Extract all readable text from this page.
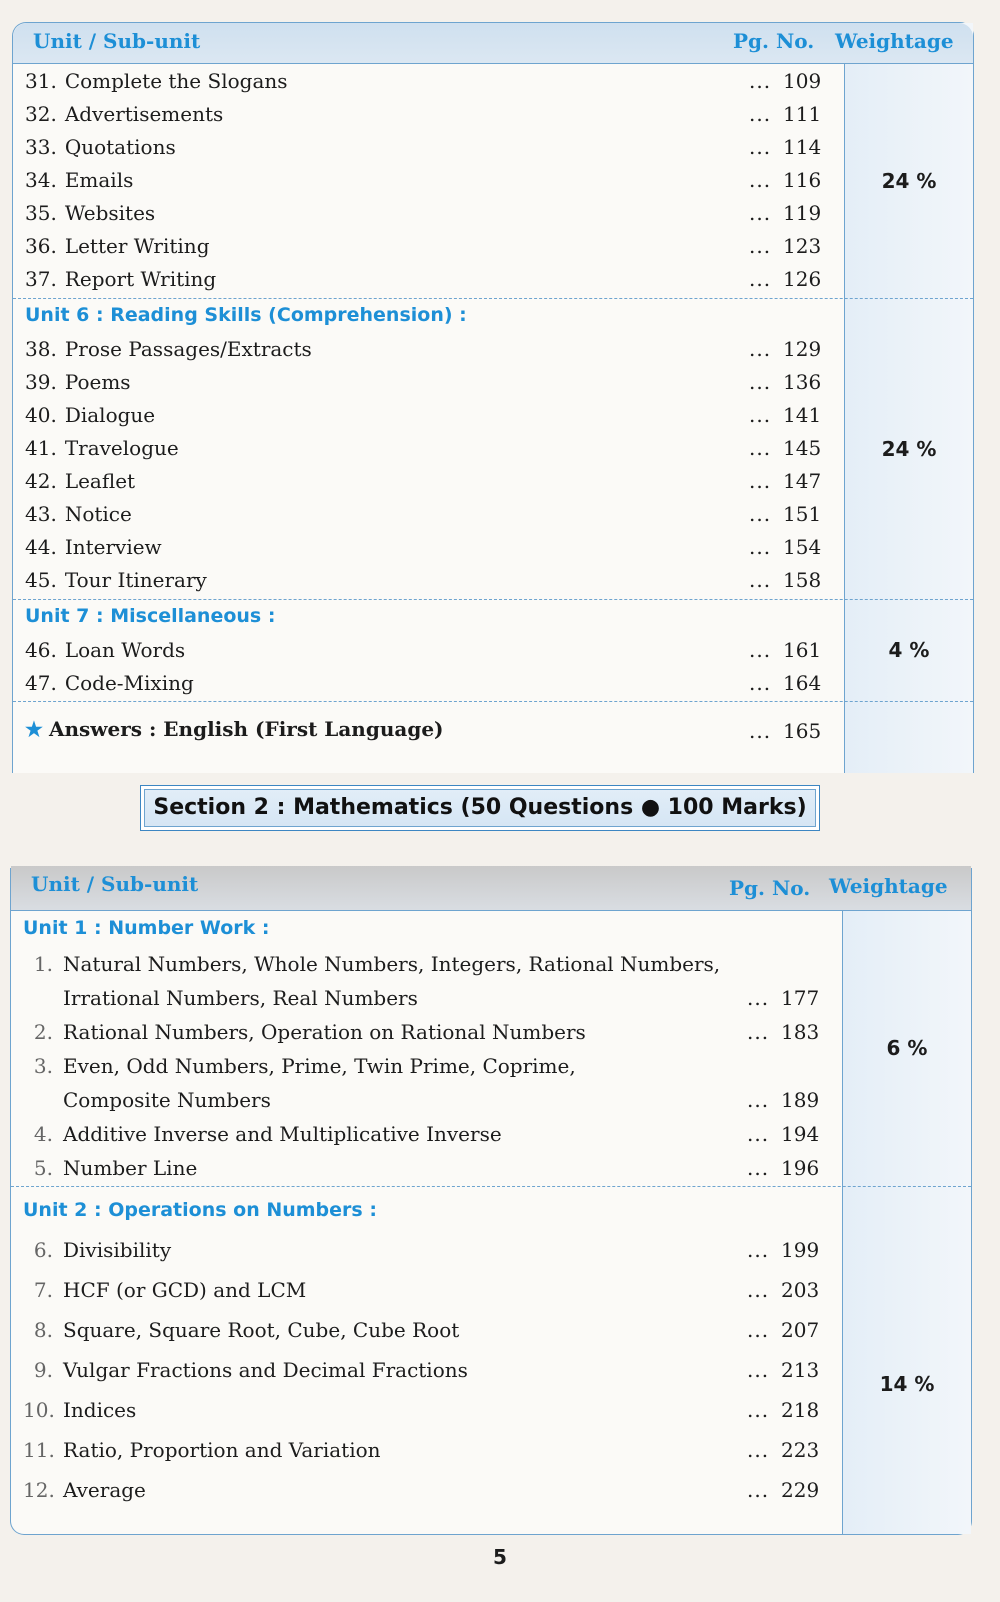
Unit / Sub-unit	Pg. No. Weightage
31. Complete the Slogans	... 109
32. Advertisements	... 111
33. Quotations	... 114
34. Emails	... 116
35. Websites	... 119
36. Letter Writing	... 123
37. Report Writing	... 126
24 %
Unit 6 : Reading Skills (Comprehension) :
38. Prose Passages/Extracts	... 129
39. Poems	... 136
40. Dialogue	... 141
41. Travelogue	... 145
42. Leaflet	... 147
43. Notice	... 151
44. Interview	... 154
45. Tour Itinerary	... 158
24 %
Unit 7 : Miscellaneous :
46. Loan Words	... 161
47. Code-Mixing	... 164
4 %
★ Answers : English (First Language)	... 165
Section 2 : Mathematics (50 Questions ● 100 Marks)
Unit / Sub-unit	Pg. No. Weightage
Unit 1 : Number Work :
1. Natural Numbers, Whole Numbers, Integers, Rational Numbers,
Irrational Numbers, Real Numbers	... 177
2. Rational Numbers, Operation on Rational Numbers	... 183
3. Even, Odd Numbers, Prime, Twin Prime, Coprime,
Composite Numbers	... 189
4. Additive Inverse and Multiplicative Inverse	... 194
5. Number Line	... 196
6 %
Unit 2 : Operations on Numbers :
6. Divisibility	... 199
7. HCF (or GCD) and LCM	... 203
8. Square, Square Root, Cube, Cube Root	... 207
9. Vulgar Fractions and Decimal Fractions	... 213
10. Indices	... 218
11. Ratio, Proportion and Variation	... 223
12. Average	... 229
14 %
5
